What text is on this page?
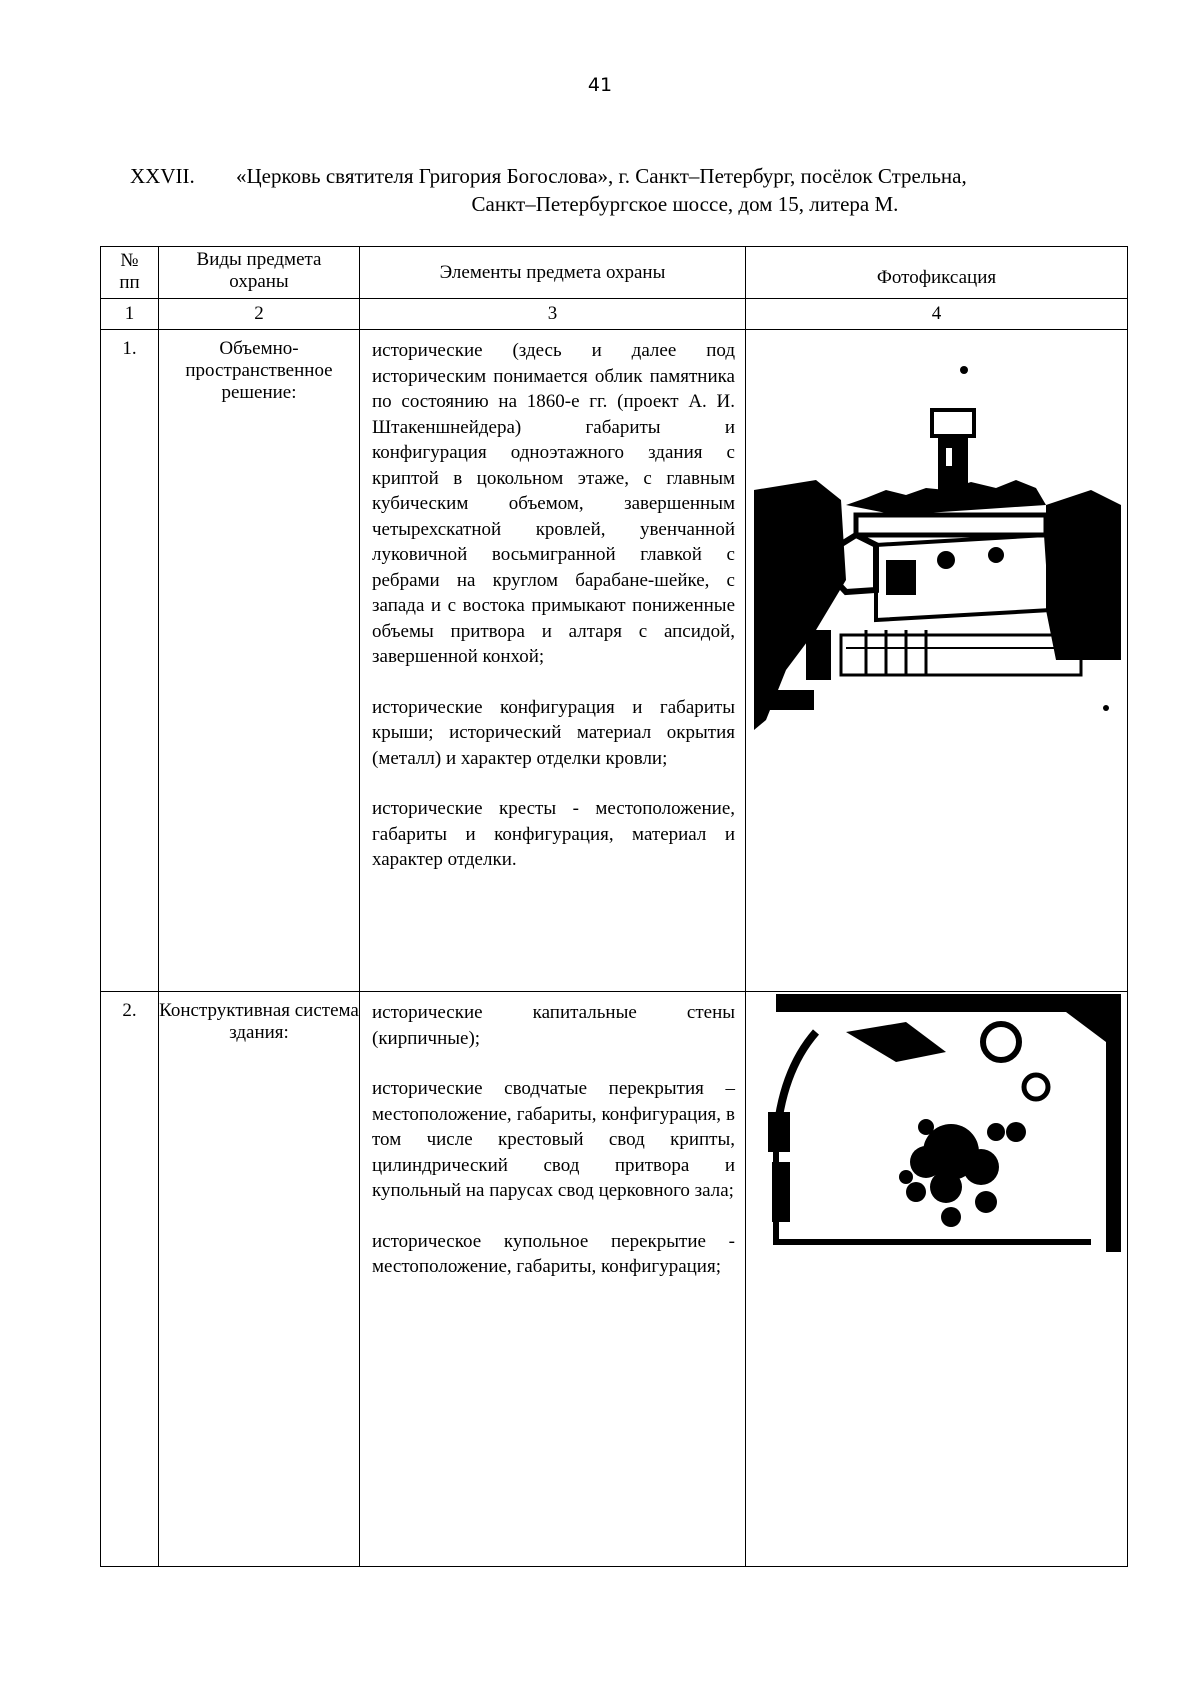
41
XXVII.	«Церковь святителя Григория Богослова», г. Санкт–Петербург, посёлок Стрельна,
Санкт–Петербургское шоссе, дом 15, литера М.
№ пп	Виды предмета охраны	Элементы предмета охраны	Фотофиксация
1	2	3	4
1.	Объемно-пространственное решение:	исторические (здесь и далее под историческим понимается облик памятника по состоянию на 1860-е гг. (проект А. И. Штакеншнейдера) габариты и конфигурация одноэтажного здания с криптой в цокольном этаже, с главным кубическим объемом, завершенным четырехскатной кровлей, увенчанной луковичной восьмигранной главкой с ребрами на круглом барабане-шейке, с запада и с востока примыкают пониженные объемы притвора и алтаря с апсидой, завершенной конхой;

исторические конфигурация и габариты крыши; исторический материал окрытия (металл) и характер отделки кровли;

исторические кресты - местоположение, габариты и конфигурация, материал и характер отделки.

2.	Конструктивная система здания:	исторические капитальные стены (кирпичные);

исторические сводчатые перекрытия – местоположение, габариты, конфигурация, в том числе крестовый свод крипты, цилиндрический свод притвора и купольный на парусах свод церковного зала;

историческое купольное перекрытие - местоположение, габариты, конфигурация;
